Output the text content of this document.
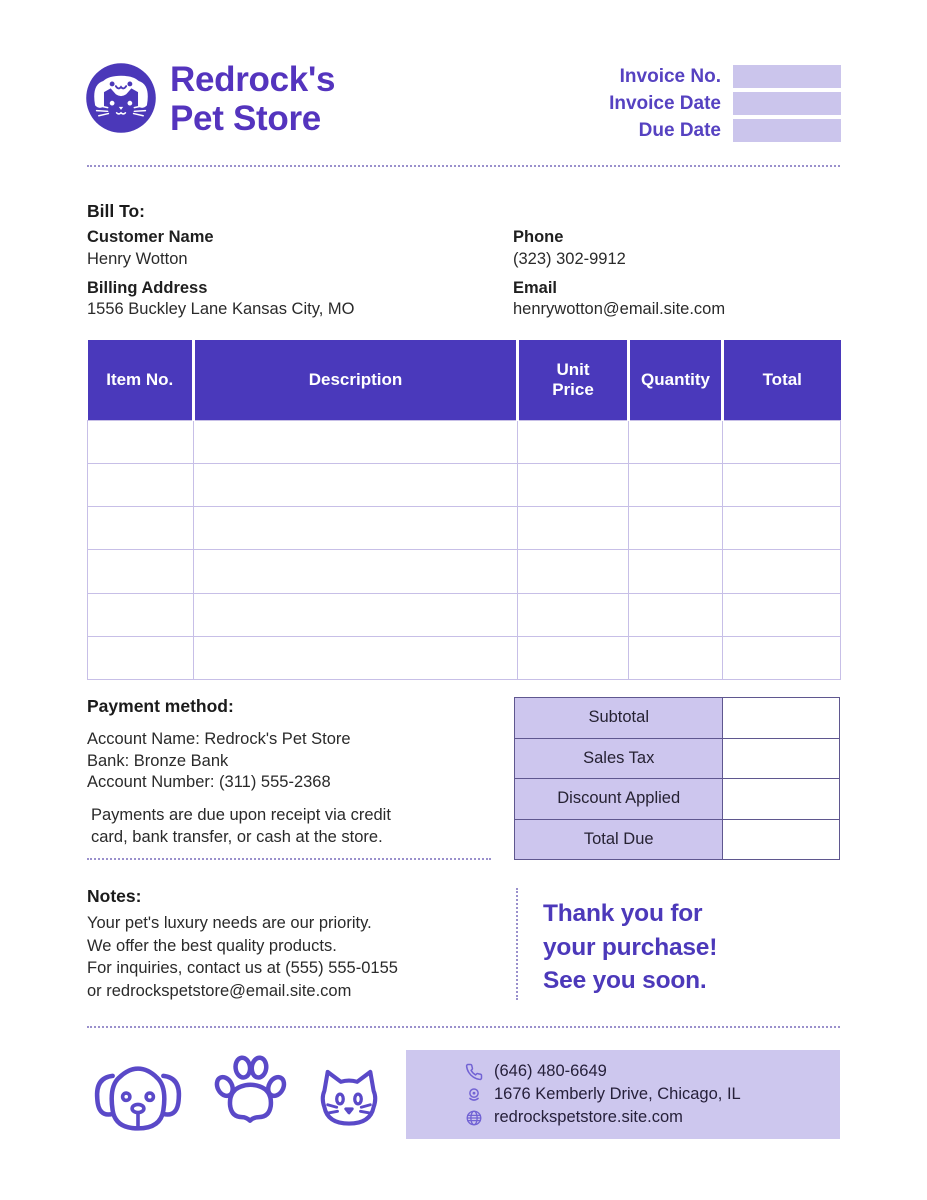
Redrock's
Pet Store
Invoice No.
Invoice Date
Due Date
Bill To:
Customer Name
Henry Wotton
Billing Address
1556 Buckley Lane Kansas City, MO
Phone
(323) 302-9912
Email
henrywotton@email.site.com
Item No.	Description	Unit Price	Quantity	Total

Payment method:
Account Name: Redrock's Pet Store
Bank: Bronze Bank
Account Number: (311) 555-2368
Payments are due upon receipt via credit
card, bank transfer, or cash at the store.
Subtotal	
Sales Tax	
Discount Applied	
Total Due	
Notes:
Your pet's luxury needs are our priority.
We offer the best quality products.
For inquiries, contact us at (555) 555-0155
or redrockspetstore@email.site.com
Thank you for
your purchase!
See you soon.
(646) 480-6649
1676 Kemberly Drive, Chicago, IL
redrockspetstore.site.com
